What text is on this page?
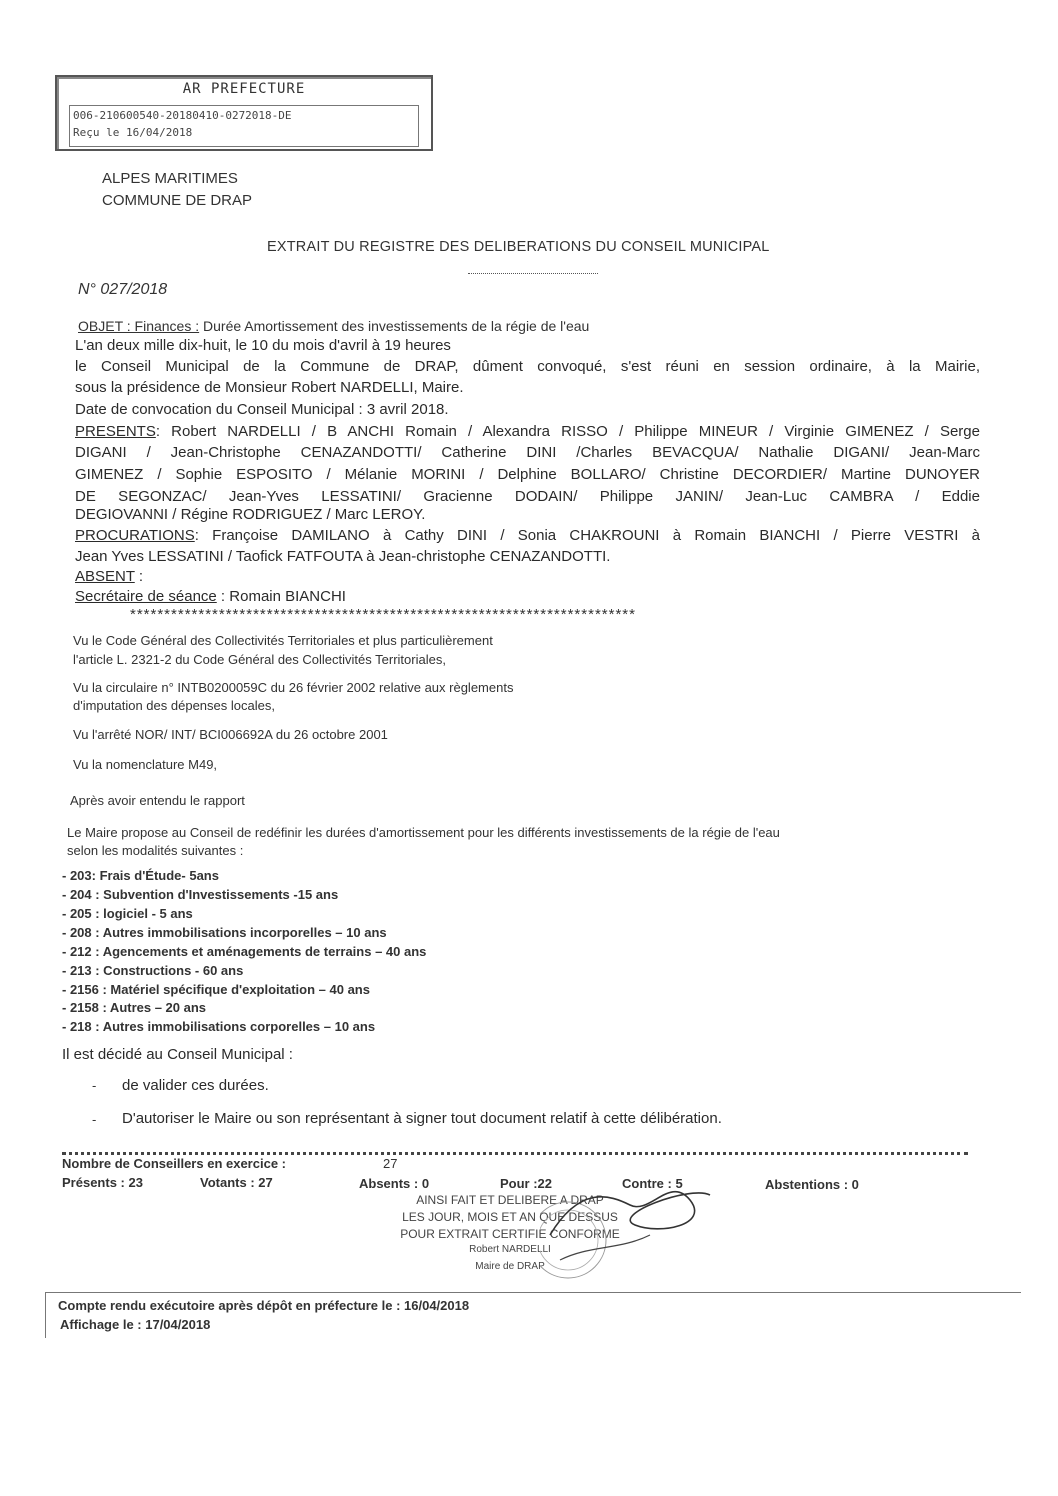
AR PREFECTURE
006-210600540-20180410-0272018-DE
Reçu le 16/04/2018
ALPES MARITIMES
COMMUNE DE DRAP
EXTRAIT DU REGISTRE DES DELIBERATIONS DU CONSEIL MUNICIPAL
N° 027/2018
OBJET : Finances : Durée Amortissement des investissements de la régie de l'eau
L'an deux mille dix-huit, le 10 du mois d'avril à 19 heures
le Conseil Municipal de la Commune de DRAP, dûment convoqué, s'est réuni en session ordinaire, à la Mairie,
sous la présidence de Monsieur Robert NARDELLI, Maire.
Date de convocation du Conseil Municipal : 3 avril 2018.
PRESENTS: Robert NARDELLI / B ANCHI Romain / Alexandra RISSO / Philippe MINEUR / Virginie GIMENEZ / Serge
DIGANI / Jean-Christophe CENAZANDOTTI/ Catherine DINI /Charles BEVACQUA/ Nathalie DIGANI/ Jean-Marc
GIMENEZ / Sophie ESPOSITO / Mélanie MORINI / Delphine BOLLARO/ Christine DECORDIER/ Martine DUNOYER
DE SEGONZAC/ Jean-Yves LESSATINI/ Gracienne DODAIN/ Philippe JANIN/ Jean-Luc CAMBRA / Eddie
DEGIOVANNI / Régine RODRIGUEZ / Marc LEROY.
PROCURATIONS: Françoise DAMILANO à Cathy DINI / Sonia CHAKROUNI à Romain BIANCHI / Pierre VESTRI à
Jean Yves LESSATINI / Taofick FATFOUTA à Jean-christophe CENAZANDOTTI.
ABSENT :
Secrétaire de séance : Romain BIANCHI
**************************************************************************
Vu le Code Général des Collectivités Territoriales et plus particulièrement
l'article L. 2321-2 du Code Général des Collectivités Territoriales,
Vu la circulaire n° INTB0200059C du 26 février 2002 relative aux règlements
d'imputation des dépenses locales,
Vu l'arrêté NOR/ INT/ BCI006692A du 26 octobre 2001
Vu la nomenclature M49,
Après avoir entendu le rapport
Le Maire propose au Conseil de redéfinir les durées d'amortissement pour les différents investissements de la régie de l'eau
selon les modalités suivantes :
- 203: Frais d'Étude- 5ans
- 204 : Subvention d'Investissements -15 ans
- 205 : logiciel - 5 ans
- 208 : Autres immobilisations incorporelles – 10 ans
- 212 : Agencements et aménagements de terrains – 40 ans
- 213 : Constructions - 60 ans
- 2156 : Matériel spécifique d'exploitation – 40 ans
- 2158 : Autres – 20 ans
- 218 : Autres immobilisations corporelles – 10 ans
Il est décidé au Conseil Municipal :
- de valider ces durées.
- D'autoriser le Maire ou son représentant à signer tout document relatif à cette délibération.
Nombre de Conseillers en exercice :	27
Présents : 23	Votants : 27	Absents : 0	Pour :22	Contre : 5	Abstentions : 0
AINSI FAIT ET DELIBERE A DRAP
LES JOUR, MOIS ET AN QUE DESSUS
POUR EXTRAIT CERTIFIE CONFORME
Robert NARDELLI
Maire de DRAP
Compte rendu exécutoire après dépôt en préfecture le : 16/04/2018
Affichage le : 17/04/2018
